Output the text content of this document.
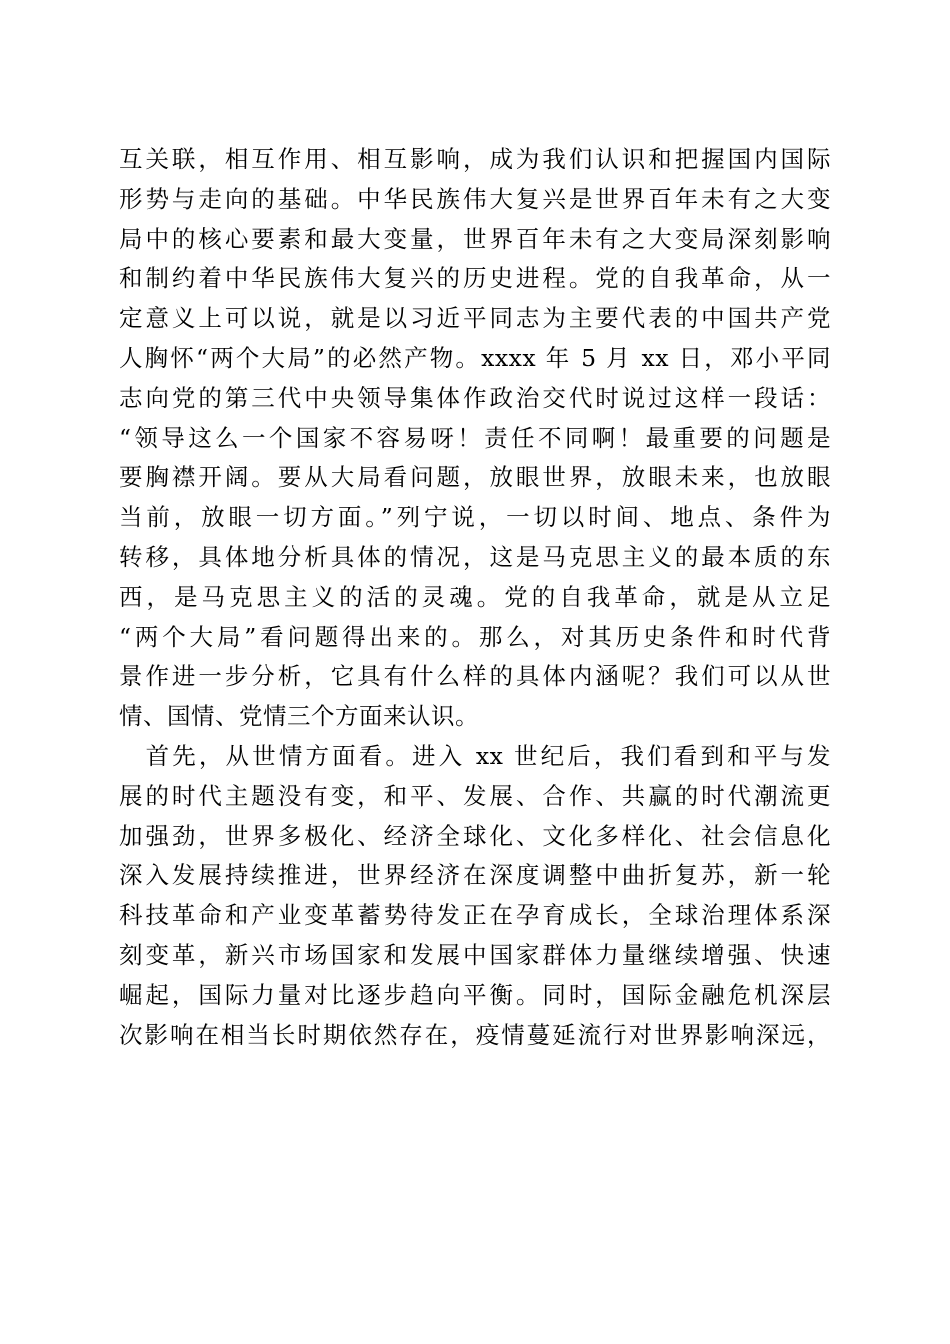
互关联，相互作用、相互影响，成为我们认识和把握国内国际
形势与走向的基础。中华民族伟大复兴是世界百年未有之大变
局中的核心要素和最大变量，世界百年未有之大变局深刻影响
和制约着中华民族伟大复兴的历史进程。党的自我革命，从一
定意义上可以说，就是以习近平同志为主要代表的中国共产党
人胸怀“两个大局”的必然产物。xxxx 年 5 月 xx 日，邓小平同
志向党的第三代中央领导集体作政治交代时说过这样一段话：
“领导这么一个国家不容易呀！责任不同啊！最重要的问题是
要胸襟开阔。要从大局看问题，放眼世界，放眼未来，也放眼
当前，放眼一切方面。”列宁说，一切以时间、地点、条件为
转移，具体地分析具体的情况，这是马克思主义的最本质的东
西，是马克思主义的活的灵魂。党的自我革命，就是从立足
“两个大局”看问题得出来的。那么，对其历史条件和时代背
景作进一步分析，它具有什么样的具体内涵呢？我们可以从世
情、国情、党情三个方面来认识。
　首先，从世情方面看。进入 xx 世纪后，我们看到和平与发
展的时代主题没有变，和平、发展、合作、共赢的时代潮流更
加强劲，世界多极化、经济全球化、文化多样化、社会信息化
深入发展持续推进，世界经济在深度调整中曲折复苏，新一轮
科技革命和产业变革蓄势待发正在孕育成长，全球治理体系深
刻变革，新兴市场国家和发展中国家群体力量继续增强、快速
崛起，国际力量对比逐步趋向平衡。同时，国际金融危机深层
次影响在相当长时期依然存在，疫情蔓延流行对世界影响深远，
